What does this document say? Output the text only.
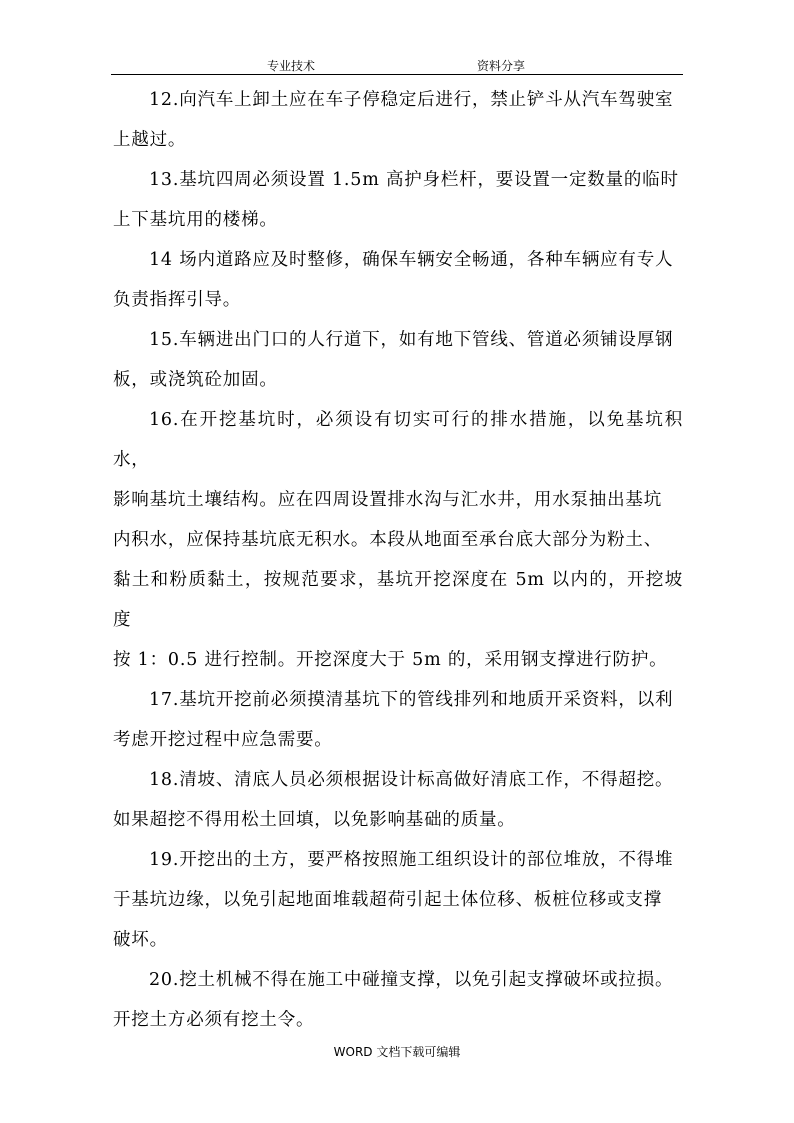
专业技术	资料分享

12.向汽车上卸土应在车子停稳定后进行，禁止铲斗从汽车驾驶室
上越过。

13.基坑四周必须设置 1.5m 高护身栏杆，要设置一定数量的临时
上下基坑用的楼梯。

14 场内道路应及时整修，确保车辆安全畅通，各种车辆应有专人
负责指挥引导。

15.车辆进出门口的人行道下，如有地下管线、管道必须铺设厚钢
板，或浇筑砼加固。

16.在开挖基坑时，必须设有切实可行的排水措施，以免基坑积水，
影响基坑土壤结构。应在四周设置排水沟与汇水井，用水泵抽出基坑
内积水，应保持基坑底无积水。本段从地面至承台底大部分为粉土、
黏土和粉质黏土，按规范要求，基坑开挖深度在 5m 以内的，开挖坡度
按 1：0.5 进行控制。开挖深度大于 5m 的，采用钢支撑进行防护。

17.基坑开挖前必须摸清基坑下的管线排列和地质开采资料，以利
考虑开挖过程中应急需要。

18.清坡、清底人员必须根据设计标高做好清底工作，不得超挖。
如果超挖不得用松土回填，以免影响基础的质量。

19.开挖出的土方，要严格按照施工组织设计的部位堆放，不得堆
于基坑边缘，以免引起地面堆载超荷引起土体位移、板桩位移或支撑
破坏。

20.挖土机械不得在施工中碰撞支撑，以免引起支撑破坏或拉损。
开挖土方必须有挖土令。

WORD 文档下载可编辑
